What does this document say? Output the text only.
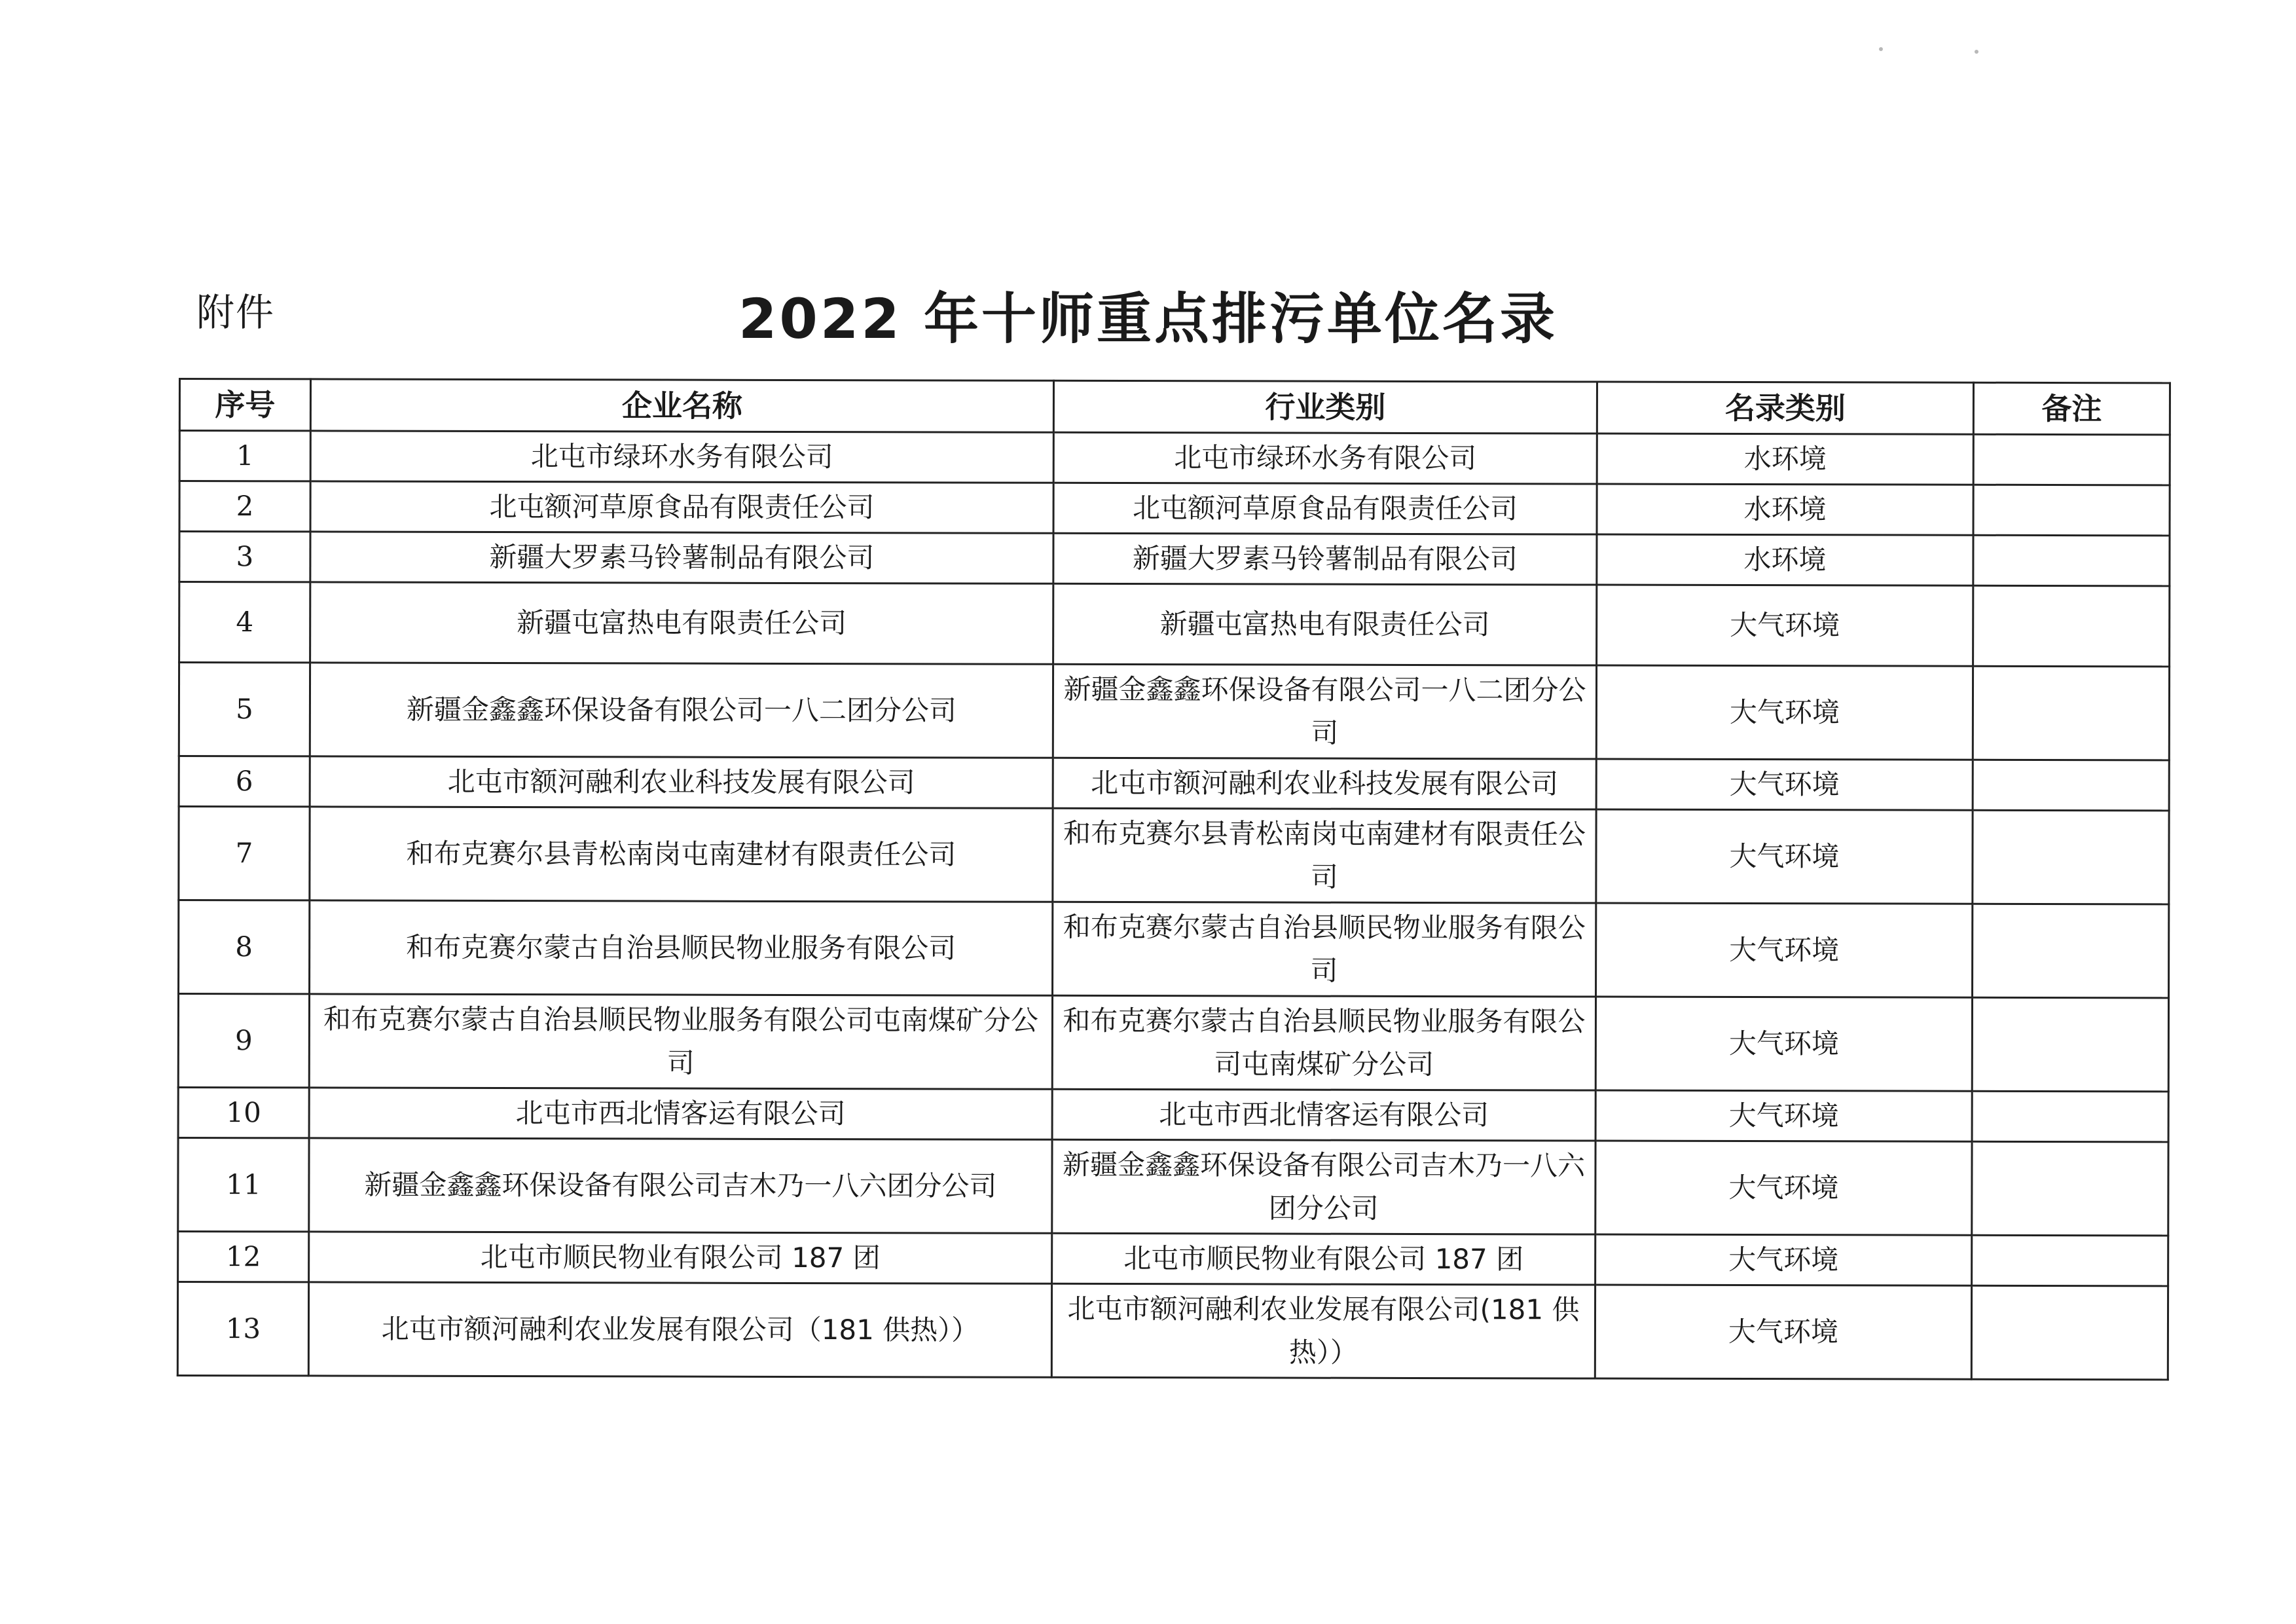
附件	2022 年十师重点排污单位名录
序号	企业名称	行业类别	名录类别	备注
1	北屯市绿环水务有限公司	北屯市绿环水务有限公司	水环境	
2	北屯额河草原食品有限责任公司	北屯额河草原食品有限责任公司	水环境	
3	新疆大罗素马铃薯制品有限公司	新疆大罗素马铃薯制品有限公司	水环境	
4	新疆屯富热电有限责任公司	新疆屯富热电有限责任公司	大气环境	
5	新疆金鑫鑫环保设备有限公司一八二团分公司	新疆金鑫鑫环保设备有限公司一八二团分公司	大气环境	
6	北屯市额河融利农业科技发展有限公司	北屯市额河融利农业科技发展有限公司	大气环境	
7	和布克赛尔县青松南岗屯南建材有限责任公司	和布克赛尔县青松南岗屯南建材有限责任公司	大气环境	
8	和布克赛尔蒙古自治县顺民物业服务有限公司	和布克赛尔蒙古自治县顺民物业服务有限公司	大气环境	
9	和布克赛尔蒙古自治县顺民物业服务有限公司屯南煤矿分公司	和布克赛尔蒙古自治县顺民物业服务有限公司屯南煤矿分公司	大气环境	
10	北屯市西北情客运有限公司	北屯市西北情客运有限公司	大气环境	
11	新疆金鑫鑫环保设备有限公司吉木乃一八六团分公司	新疆金鑫鑫环保设备有限公司吉木乃一八六团分公司	大气环境	
12	北屯市顺民物业有限公司 187 团	北屯市顺民物业有限公司 187 团	大气环境	
13	北屯市额河融利农业发展有限公司（181 供热））	北屯市额河融利农业发展有限公司(181 供热））	大气环境	
